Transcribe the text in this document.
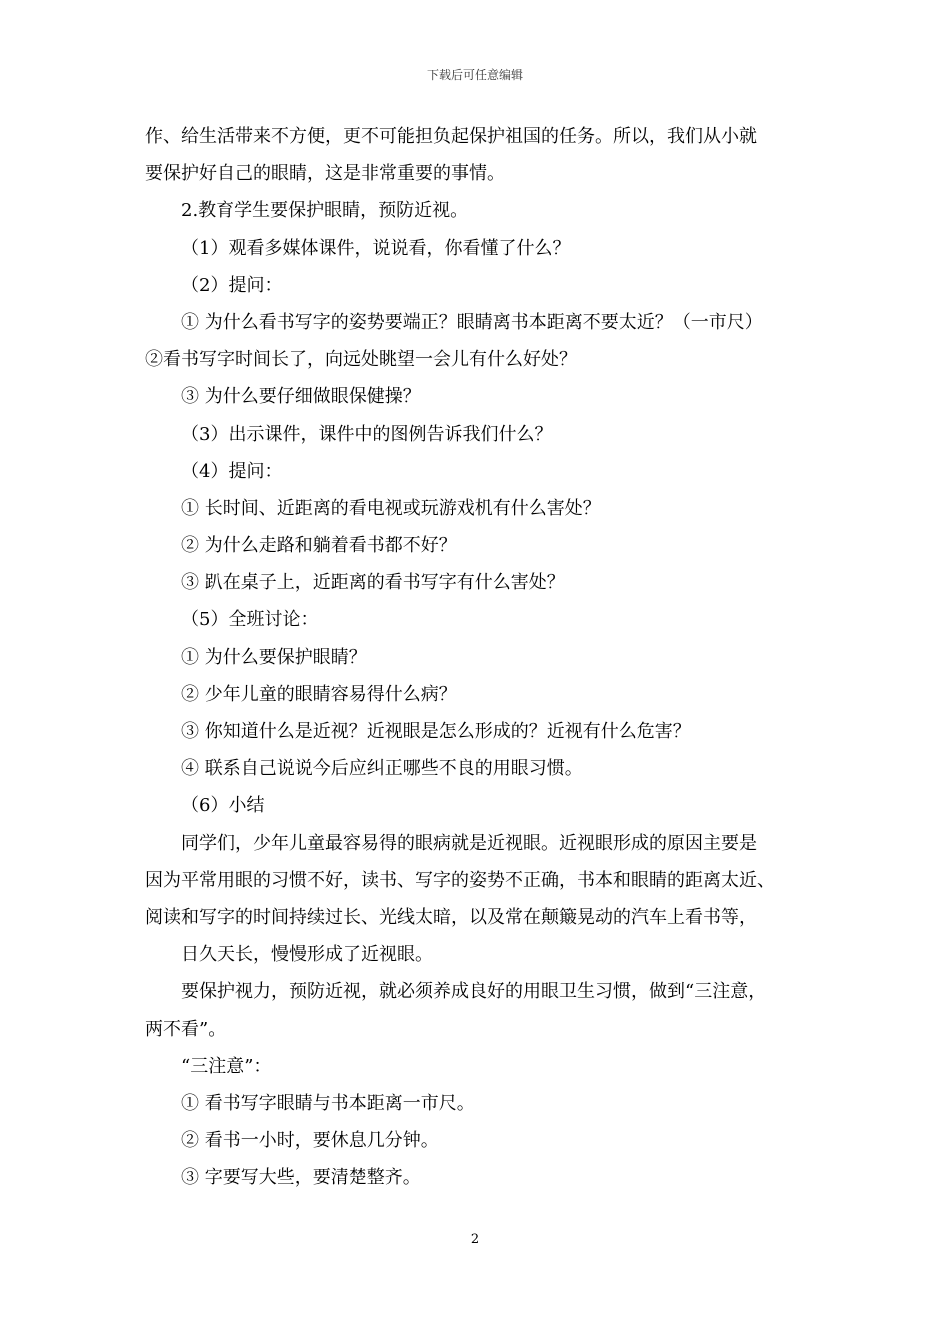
下载后可任意编辑
作、给生活带来不方便，更不可能担负起保护祖国的任务。所以，我们从小就
要保护好自己的眼睛，这是非常重要的事情。
2.教育学生要保护眼睛，预防近视。
（1）观看多媒体课件，说说看，你看懂了什么？
（2）提问：
① 为什么看书写字的姿势要端正？眼睛离书本距离不要太近？（一市尺）
②看书写字时间长了，向远处眺望一会儿有什么好处？
③ 为什么要仔细做眼保健操？
（3）出示课件，课件中的图例告诉我们什么？
（4）提问：
① 长时间、近距离的看电视或玩游戏机有什么害处？
② 为什么走路和躺着看书都不好？
③ 趴在桌子上，近距离的看书写字有什么害处？
（5）全班讨论：
① 为什么要保护眼睛？
② 少年儿童的眼睛容易得什么病？
③ 你知道什么是近视？近视眼是怎么形成的？近视有什么危害？
④ 联系自己说说今后应纠正哪些不良的用眼习惯。
（6）小结
同学们，少年儿童最容易得的眼病就是近视眼。近视眼形成的原因主要是
因为平常用眼的习惯不好，读书、写字的姿势不正确，书本和眼睛的距离太近、
阅读和写字的时间持续过长、光线太暗，以及常在颠簸晃动的汽车上看书等，
日久天长，慢慢形成了近视眼。
要保护视力，预防近视，就必须养成良好的用眼卫生习惯，做到“三注意，
两不看”。
“三注意”：
① 看书写字眼睛与书本距离一市尺。
② 看书一小时，要休息几分钟。
③ 字要写大些，要清楚整齐。
2
